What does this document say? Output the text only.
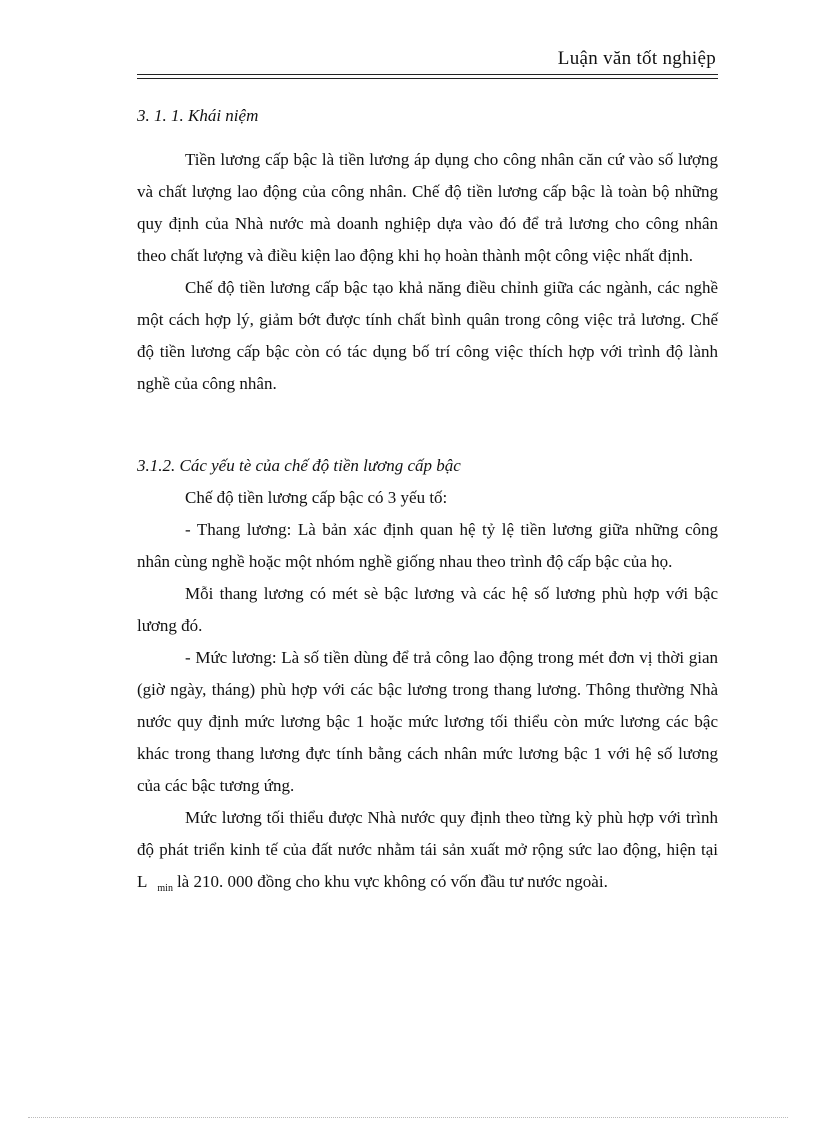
Luận văn tốt nghiệp

3. 1. 1. Khái niệm

Tiền lương cấp bậc là tiền lương áp dụng cho công nhân căn cứ vào số lượng và chất lượng lao động của công nhân. Chế độ tiền lương cấp bậc là toàn bộ những quy định của Nhà nước mà doanh nghiệp dựa vào đó để trả lương cho công nhân theo chất lượng và điều kiện lao động khi họ hoàn thành một công việc nhất định.

Chế độ tiền lương cấp bậc tạo khả năng điều chỉnh giữa các ngành, các nghề một cách hợp lý, giảm bớt được tính chất bình quân trong công việc trả lương. Chế độ tiền lương cấp bậc còn có tác dụng bố trí công việc thích hợp với trình độ lành nghề của công nhân.

3.1.2. Các yếu tè của chế độ tiền lương cấp bậc

Chế độ tiền lương cấp bậc có 3 yếu tố:

- Thang lương: Là bản xác định quan hệ tỷ lệ tiền lương giữa những công nhân cùng nghề hoặc một nhóm nghề giống nhau theo trình độ cấp bậc của họ.

Mỗi thang lương có mét sè bậc lương và các hệ số lương phù hợp với bậc lương đó.

- Mức lương: Là số tiền dùng để trả công lao động trong mét đơn vị thời gian (giờ ngày, tháng) phù hợp với các bậc lương trong thang lương. Thông thường Nhà nước quy định mức lương bậc 1 hoặc mức lương tối thiểu còn mức lương các bậc khác trong thang lương đực tính bằng cách nhân mức lương bậc 1 với hệ số lương của các bậc tương ứng.

Mức lương tối thiểu được Nhà nước quy định theo từng kỳ phù hợp với trình độ phát triển kinh tế của đất nước nhằm tái sản xuất mở rộng sức lao động, hiện tại L $_{min}$ là 210. 000 đồng cho khu vực không có vốn đầu tư nước ngoài.
